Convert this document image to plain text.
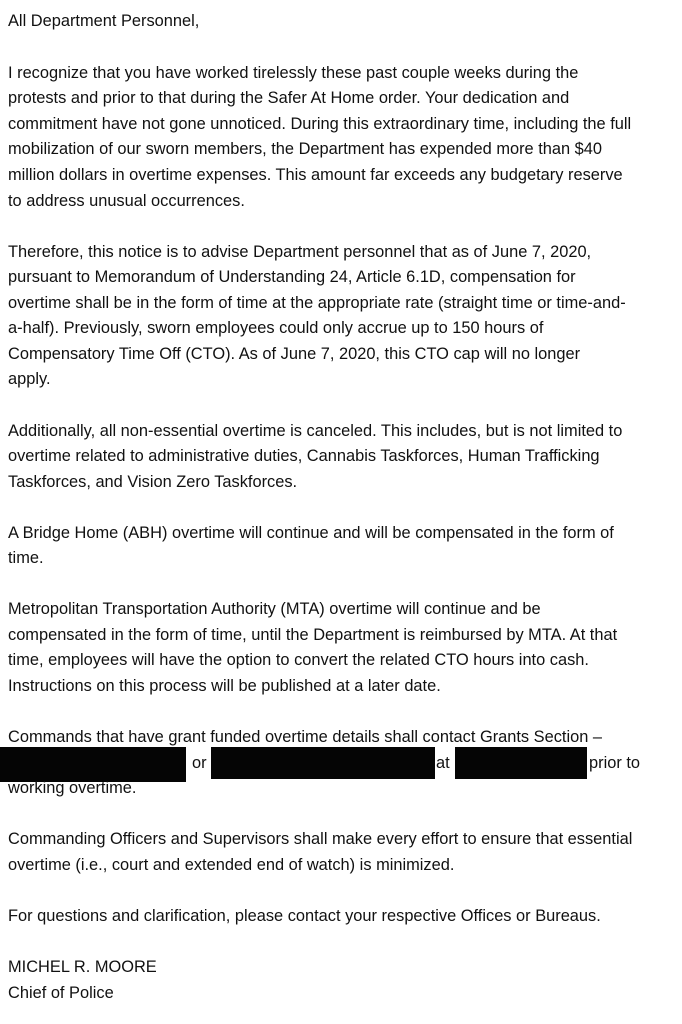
All Department Personnel,
I recognize that you have worked tirelessly these past couple weeks during the
protests and prior to that during the Safer At Home order. Your dedication and
commitment have not gone unnoticed. During this extraordinary time, including the full
mobilization of our sworn members, the Department has expended more than $40
million dollars in overtime expenses. This amount far exceeds any budgetary reserve
to address unusual occurrences.
Therefore, this notice is to advise Department personnel that as of June 7, 2020,
pursuant to Memorandum of Understanding 24, Article 6.1D, compensation for
overtime shall be in the form of time at the appropriate rate (straight time or time-and-
a-half). Previously, sworn employees could only accrue up to 150 hours of
Compensatory Time Off (CTO). As of June 7, 2020, this CTO cap will no longer
apply.
Additionally, all non-essential overtime is canceled. This includes, but is not limited to
overtime related to administrative duties, Cannabis Taskforces, Human Trafficking
Taskforces, and Vision Zero Taskforces.
A Bridge Home (ABH) overtime will continue and will be compensated in the form of
time.
Metropolitan Transportation Authority (MTA) overtime will continue and be
compensated in the form of time, until the Department is reimbursed by MTA. At that
time, employees will have the option to convert the related CTO hours into cash.
Instructions on this process will be published at a later date.
Commands that have grant funded overtime details shall contact Grants Section –
or	at	prior to
working overtime.
Commanding Officers and Supervisors shall make every effort to ensure that essential
overtime (i.e., court and extended end of watch) is minimized.
For questions and clarification, please contact your respective Offices or Bureaus.
MICHEL R. MOORE
Chief of Police
